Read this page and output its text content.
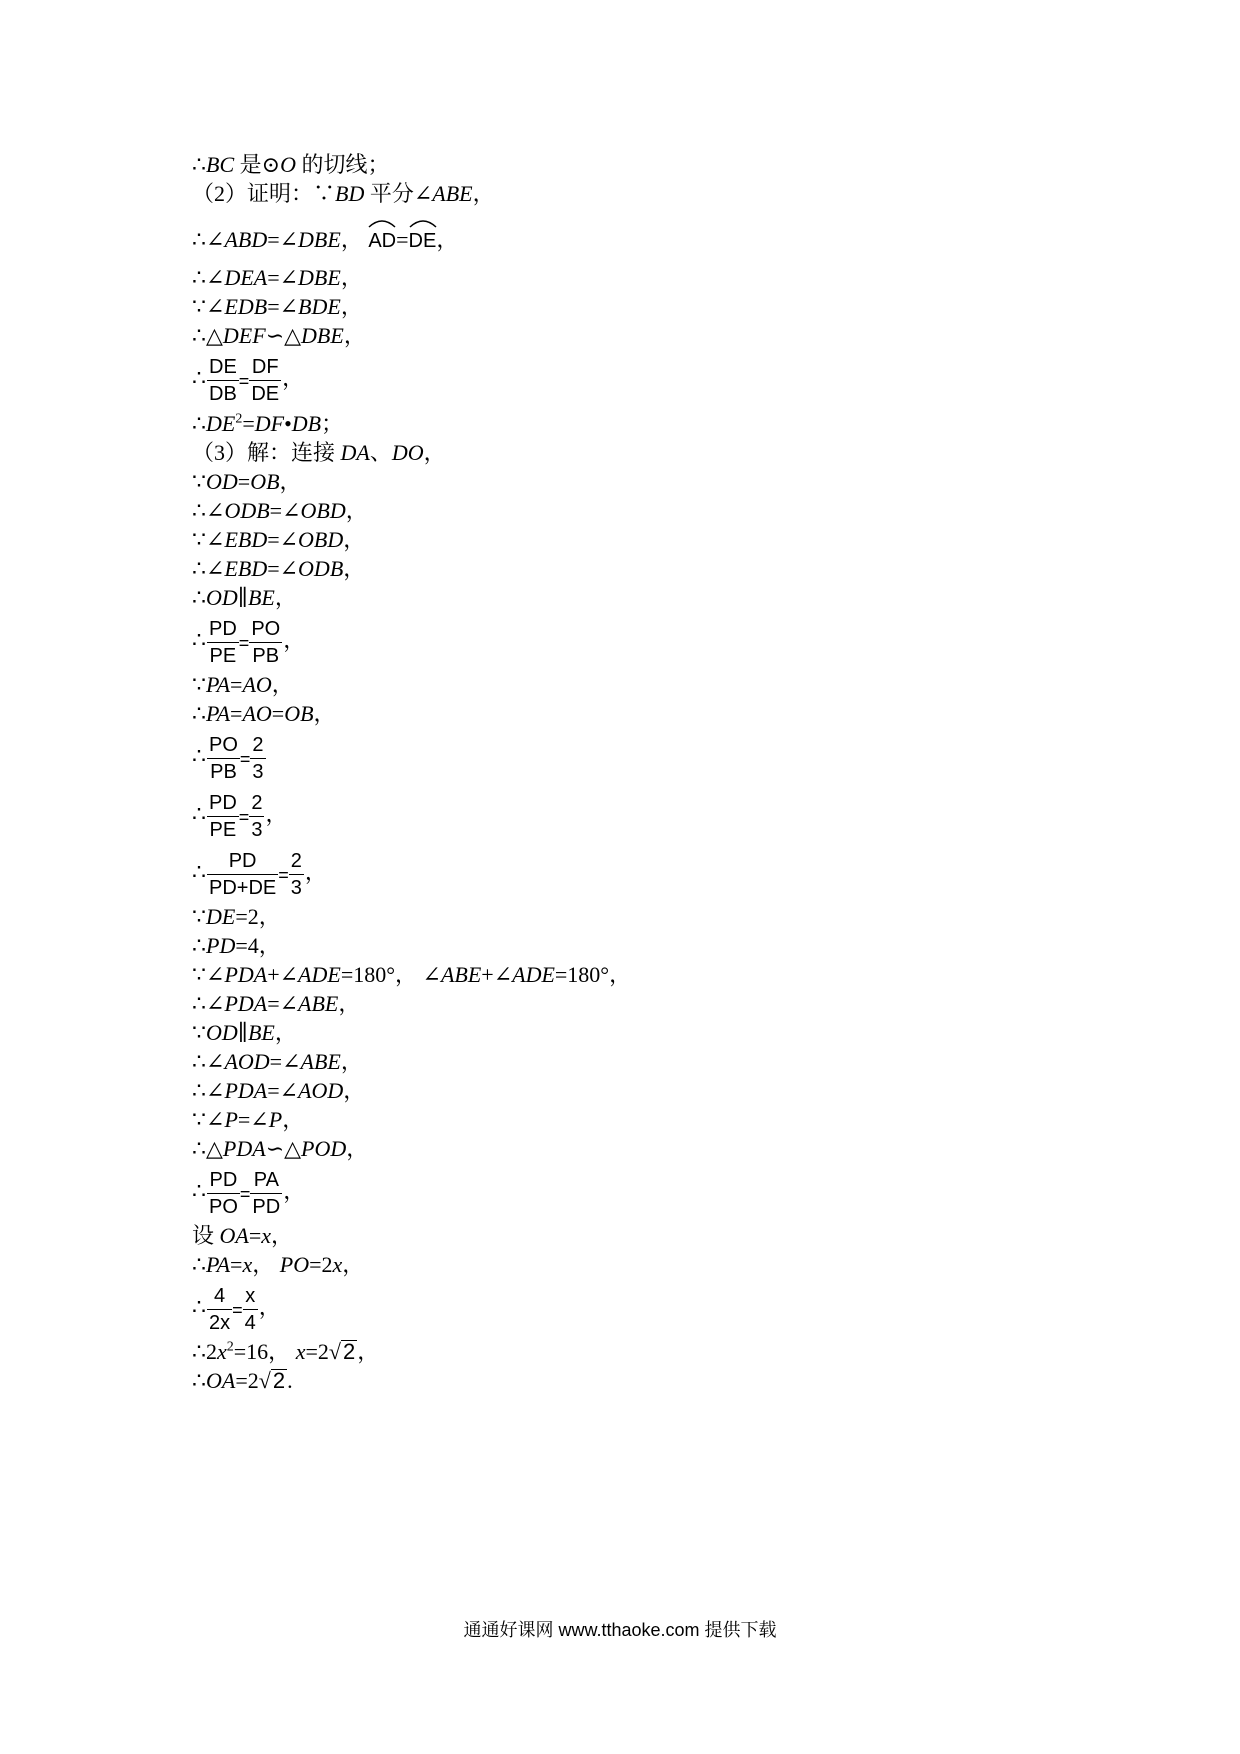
∴BC 是⊙O 的切线；
（2）证明：∵BD 平分∠ABE，
∴∠ABD=∠DBE， AD=
DE，
∴∠DEA=∠DBE，
∵∠EDB=∠BDE，
∴△DEF∽△DBE，
∴ $\frac{DE}{DB} = \frac{DF}{DE}$ ，
$\therefore DE^2=DF•DB$；
（3）解：连接 DA、DO，
∵OD=OB，
∴∠ODB=∠OBD，
∵∠EBD=∠OBD，
∴∠EBD=∠ODB，
∴OD∥BE，
∴ $\frac{PD}{PE} = \frac{PO}{PB}$ ，
∵PA=AO，
∴PA=AO=OB，
∴ $\frac{PO}{PB} = \frac{2}{3}$
∴ $\frac{PD}{PE} = \frac{2}{3}$ ，
∴ $\frac{PD}{PD+DE} = \frac{2}{3}$ ，
∵DE=2，
∴PD=4，
∵∠PDA+∠ADE=180°， ∠ABE+∠ADE=180°，
∴∠PDA=∠ABE，
∵OD∥BE，
∴∠AOD=∠ABE，
∴∠PDA=∠AOD，
∵∠P=∠P，
∴△PDA∽△POD，
∴ $\frac{PD}{PO} = \frac{PA}{PD}$ ，
设 OA=x，
∴PA=x， PO=2x，
∴ $\frac{4}{2x} = \frac{x}{4}$ ，
$\therefore 2x^2=16$， x=2√2，
∴OA=2√2.
通通好课网 www.tthaoke.com 提供下载
